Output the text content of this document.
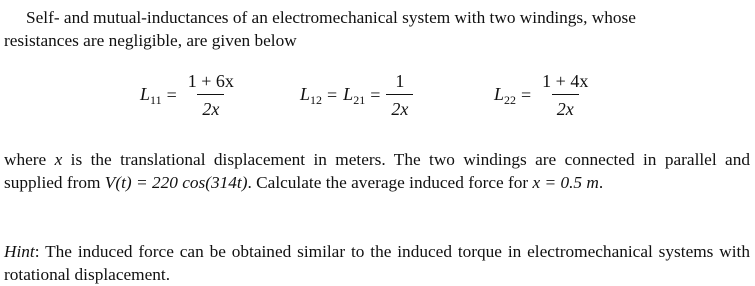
Self- and mutual-inductances of an electromechanical system with two windings, whose
resistances are negligible, are given below
$L_{11} = \frac{1 + 6x}{2x}$	$L_{12} = L_{21} = \frac{1}{2x}$	$L_{22} = \frac{1 + 4x}{2x}$
where x is the translational displacement in meters. The two windings are connected in parallel and supplied from V(t) = 220 cos(314t). Calculate the average induced force for x = 0.5 m.
Hint: The induced force can be obtained similar to the induced torque in electromechanical systems with rotational displacement.
